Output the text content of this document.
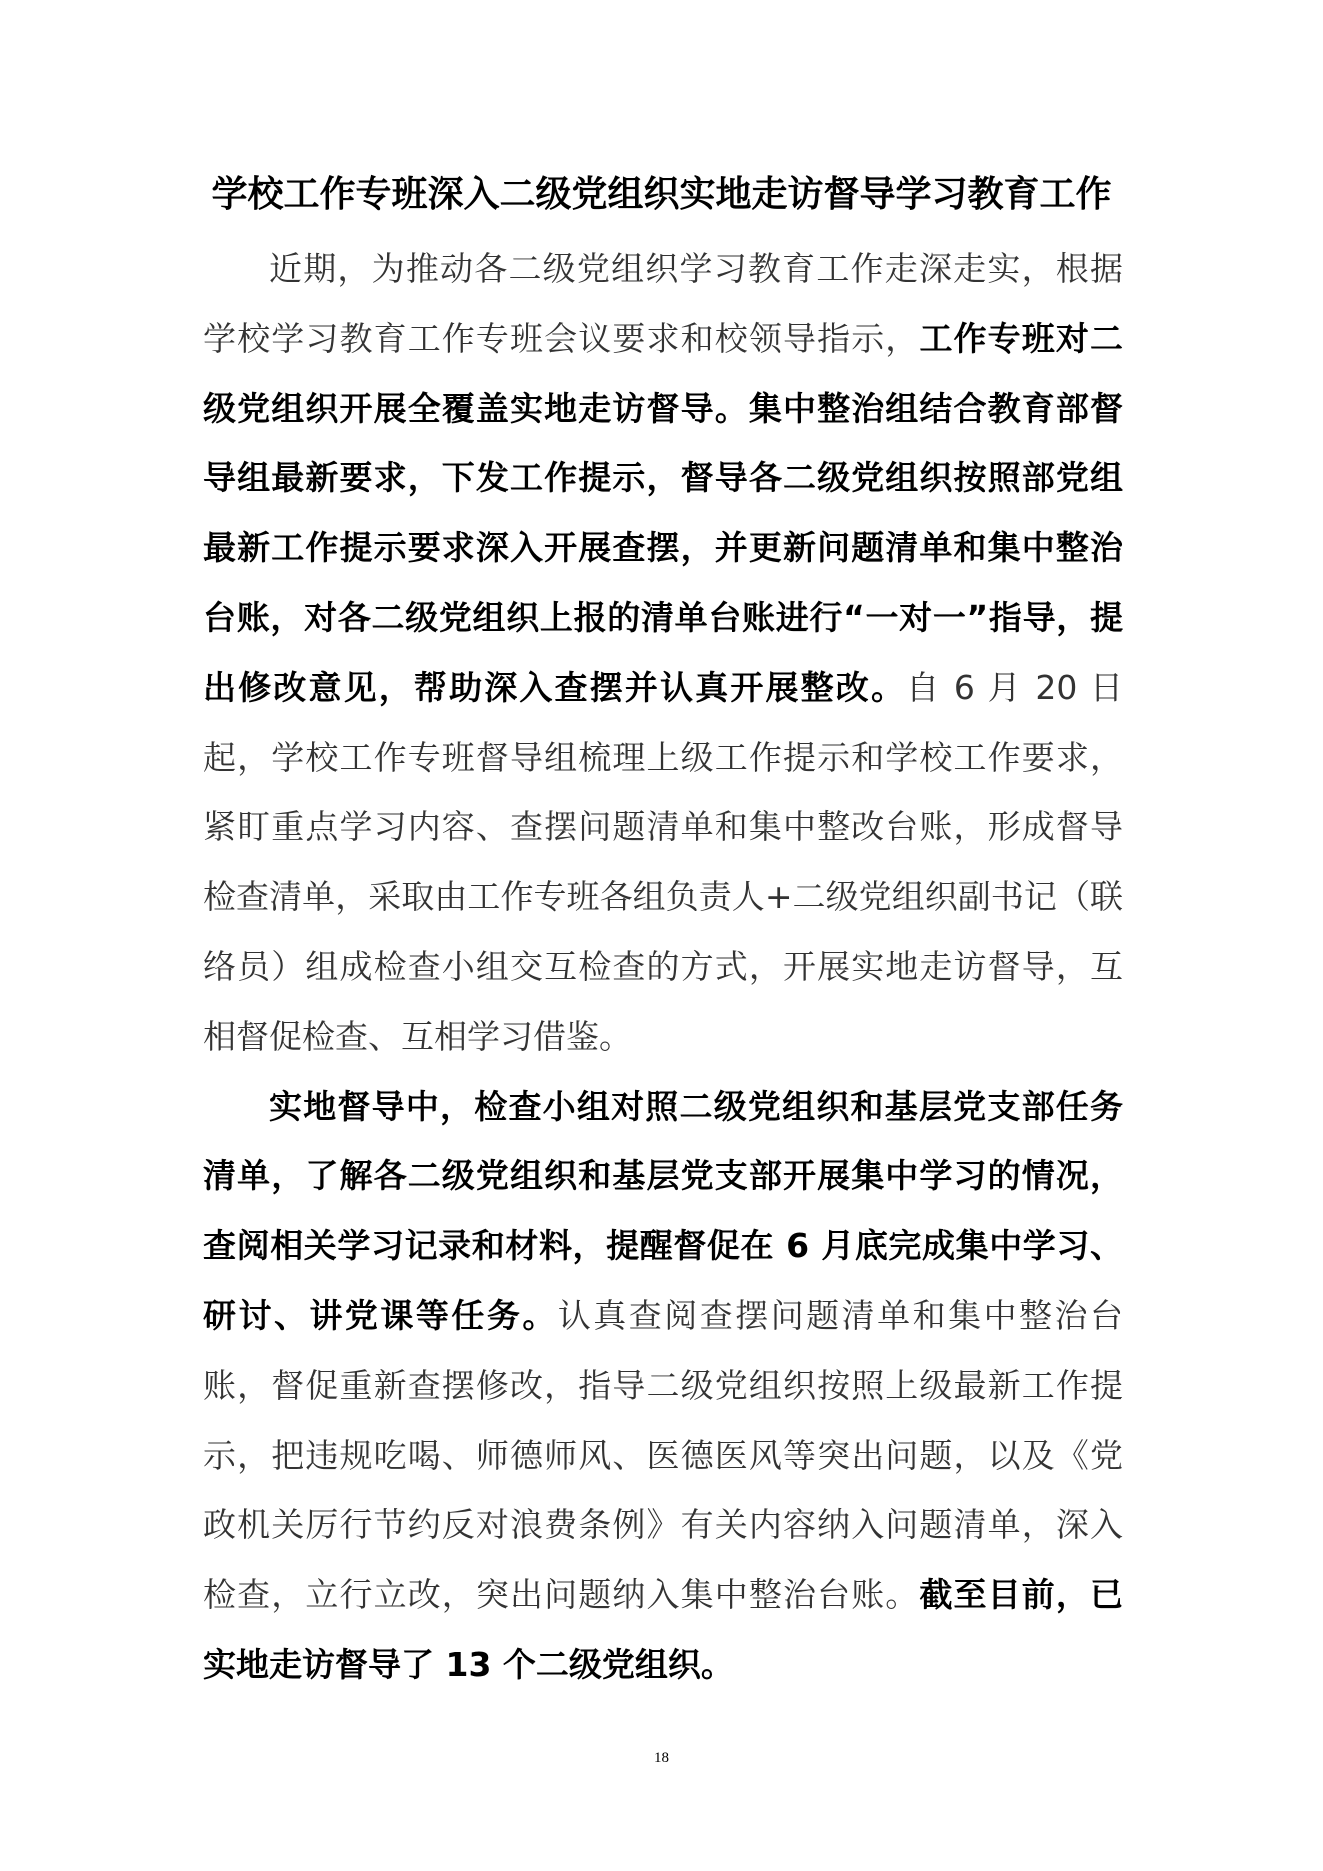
学校工作专班深入二级党组织实地走访督导学习教育工作

近期，为推动各二级党组织学习教育工作走深走实，根据学校学习教育工作专班会议要求和校领导指示，工作专班对二级党组织开展全覆盖实地走访督导。集中整治组结合教育部督导组最新要求，下发工作提示，督导各二级党组织按照部党组最新工作提示要求深入开展查摆，并更新问题清单和集中整治台账，对各二级党组织上报的清单台账进行“一对一”指导，提出修改意见，帮助深入查摆并认真开展整改。自 6 月 20 日起，学校工作专班督导组梳理上级工作提示和学校工作要求，紧盯重点学习内容、查摆问题清单和集中整改台账，形成督导检查清单，采取由工作专班各组负责人+二级党组织副书记（联络员）组成检查小组交互检查的方式，开展实地走访督导，互相督促检查、互相学习借鉴。

实地督导中，检查小组对照二级党组织和基层党支部任务清单，了解各二级党组织和基层党支部开展集中学习的情况，查阅相关学习记录和材料，提醒督促在 6 月底完成集中学习、研讨、讲党课等任务。认真查阅查摆问题清单和集中整治台账，督促重新查摆修改，指导二级党组织按照上级最新工作提示，把违规吃喝、师德师风、医德医风等突出问题，以及《党政机关厉行节约反对浪费条例》有关内容纳入问题清单，深入检查，立行立改，突出问题纳入集中整治台账。截至目前，已实地走访督导了 13 个二级党组织。

18
